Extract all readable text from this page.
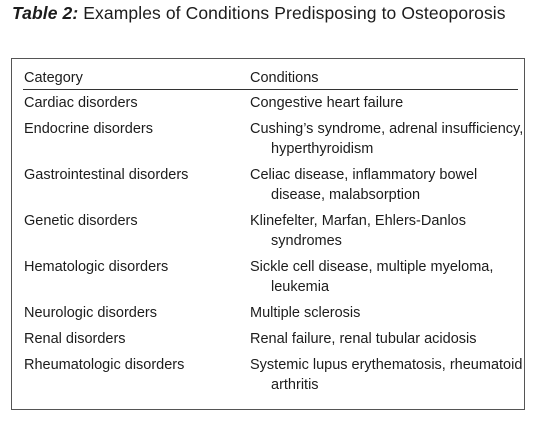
Table 2: Examples of Conditions Predisposing to Osteoporosis
Category	Conditions
Cardiac disorders	Congestive heart failure
Endocrine disorders	Cushing’s syndrome, adrenal insufficiency, hyperthyroidism
Gastrointestinal disorders	Celiac disease, inflammatory bowel disease, malabsorption
Genetic disorders	Klinefelter, Marfan, Ehlers-Danlos syndromes
Hematologic disorders	Sickle cell disease, multiple myeloma, leukemia
Neurologic disorders	Multiple sclerosis
Renal disorders	Renal failure, renal tubular acidosis
Rheumatologic disorders	Systemic lupus erythematosis, rheumatoid arthritis
